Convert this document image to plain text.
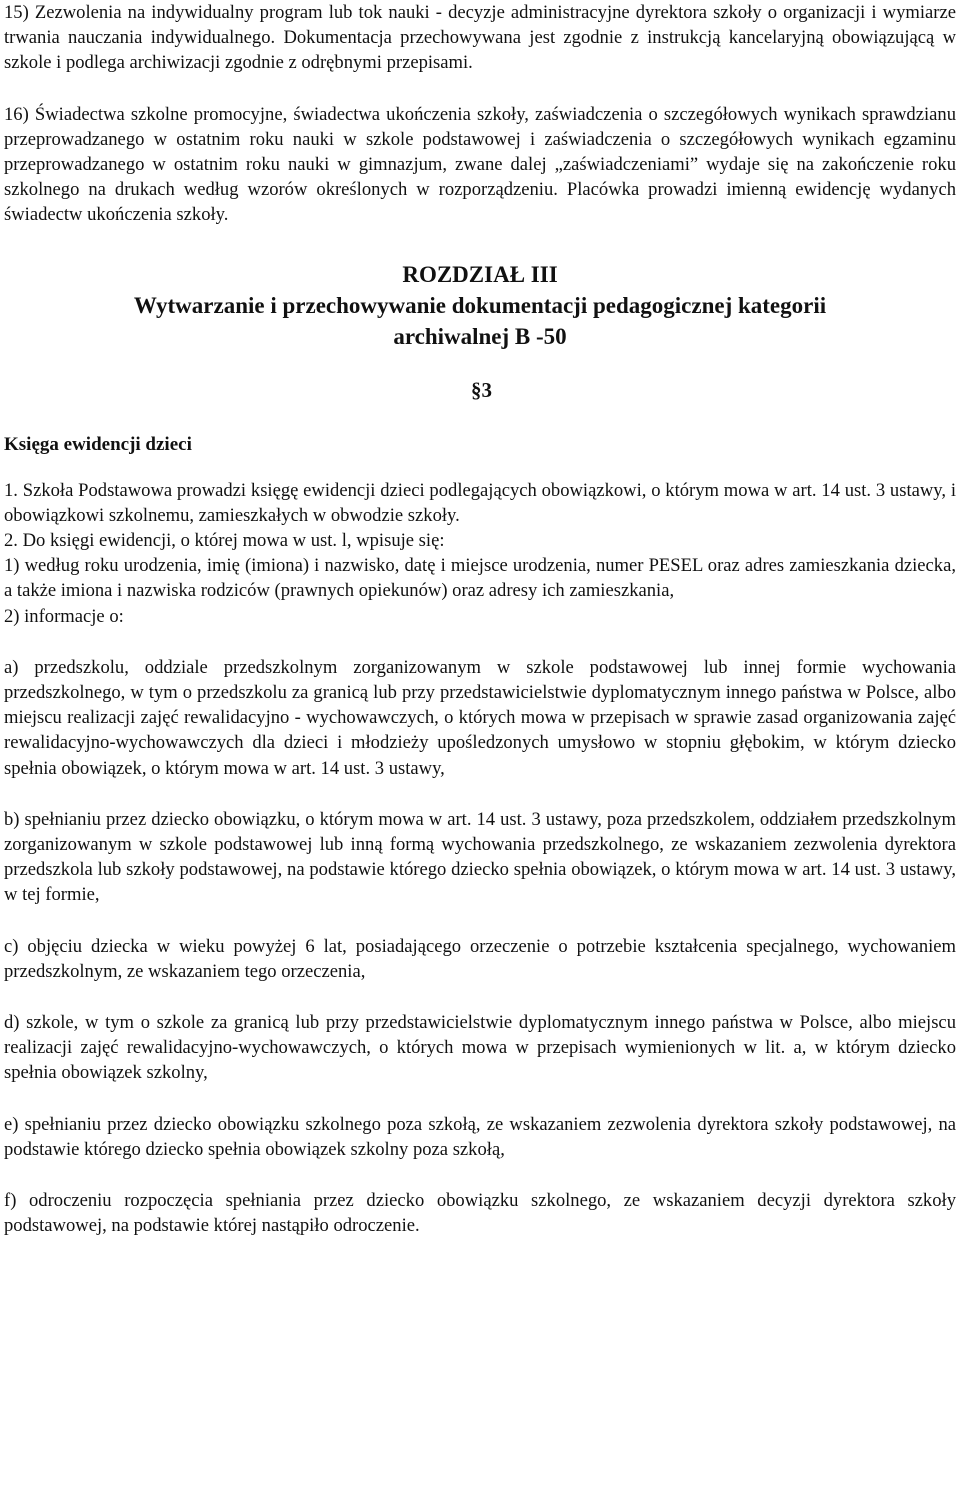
15) Zezwolenia na indywidualny program lub tok nauki - decyzje administracyjne dyrektora szkoły o organizacji i wymiarze trwania nauczania indywidualnego. Dokumentacja przechowywana jest zgodnie z instrukcją kancelaryjną obowiązującą w szkole i podlega archiwizacji zgodnie z odrębnymi przepisami.

16) Świadectwa szkolne promocyjne, świadectwa ukończenia szkoły, zaświadczenia o szczegółowych wynikach sprawdzianu przeprowadzanego w ostatnim roku nauki w szkole podstawowej i zaświadczenia o szczegółowych wynikach egzaminu przeprowadzanego w ostatnim roku nauki w gimnazjum, zwane dalej „zaświadczeniami” wydaje się na zakończenie roku szkolnego na drukach według wzorów określonych w rozporządzeniu. Placówka prowadzi imienną ewidencję wydanych świadectw ukończenia szkoły.

ROZDZIAŁ III

Wytwarzanie i przechowywanie dokumentacji pedagogicznej kategorii

archiwalnej B -50

§3

Księga ewidencji dzieci

1. Szkoła Podstawowa prowadzi księgę ewidencji dzieci podlegających obowiązkowi, o którym mowa w art. 14 ust. 3 ustawy, i obowiązkowi szkolnemu, zamieszkałych w obwodzie szkoły.

2. Do księgi ewidencji, o której mowa w ust. l, wpisuje się:

1) według roku urodzenia, imię (imiona) i nazwisko, datę i miejsce urodzenia, numer PESEL oraz adres zamieszkania dziecka, a także imiona i nazwiska rodziców (prawnych opiekunów) oraz adresy ich zamieszkania,

2) informacje o:

a) przedszkolu, oddziale przedszkolnym zorganizowanym w szkole podstawowej lub innej formie wychowania przedszkolnego, w tym o przedszkolu za granicą lub przy przedstawicielstwie dyplomatycznym innego państwa w Polsce, albo miejscu realizacji zajęć rewalidacyjno - wychowawczych, o których mowa w przepisach w sprawie zasad organizowania zajęć rewalidacyjno-wychowawczych dla dzieci i młodzieży upośledzonych umysłowo w stopniu głębokim, w którym dziecko spełnia obowiązek, o którym mowa w art. 14 ust. 3 ustawy,

b) spełnianiu przez dziecko obowiązku, o którym mowa w art. 14 ust. 3 ustawy, poza przedszkolem, oddziałem przedszkolnym zorganizowanym w szkole podstawowej lub inną formą wychowania przedszkolnego, ze wskazaniem zezwolenia dyrektora przedszkola lub szkoły podstawowej, na podstawie którego dziecko spełnia obowiązek, o którym mowa w art. 14 ust. 3 ustawy, w tej formie,

c) objęciu dziecka w wieku powyżej 6 lat, posiadającego orzeczenie o potrzebie kształcenia specjalnego, wychowaniem przedszkolnym, ze wskazaniem tego orzeczenia,

d) szkole, w tym o szkole za granicą lub przy przedstawicielstwie dyplomatycznym innego państwa w Polsce, albo miejscu realizacji zajęć rewalidacyjno-wychowawczych, o których mowa w przepisach wymienionych w lit. a, w którym dziecko spełnia obowiązek szkolny,

e) spełnianiu przez dziecko obowiązku szkolnego poza szkołą, ze wskazaniem zezwolenia dyrektora szkoły podstawowej, na podstawie którego dziecko spełnia obowiązek szkolny poza szkołą,

f) odroczeniu rozpoczęcia spełniania przez dziecko obowiązku szkolnego, ze wskazaniem decyzji dyrektora szkoły podstawowej, na podstawie której nastąpiło odroczenie.
